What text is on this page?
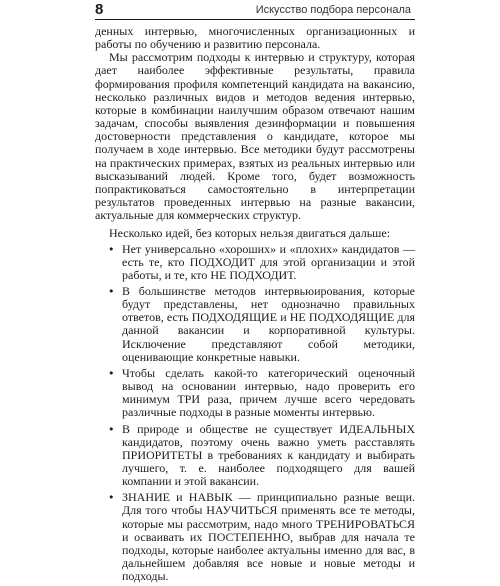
8	Искусство подбора персонала

денных интервью, многочисленных организационных и работы по обучению и развитию персонала.

Мы рассмотрим подходы к интервью и структуру, которая дает наиболее эффективные результаты, правила формирования профиля компетенций кандидата на вакансию, несколько различных видов и методов ведения интервью, которые в комбинации наилучшим образом отвечают нашим задачам, способы выявления дезинформации и повышения достоверности представления о кандидате, которое мы получаем в ходе интервью. Все методики будут рассмотрены на практических примерах, взятых из реальных интервью или высказываний людей. Кроме того, будет возможность попрактиковаться самостоятельно в интерпретации результатов проведенных интервью на разные вакансии, актуальные для коммерческих структур.

Несколько идей, без которых нельзя двигаться дальше:

• Нет универсально «хороших» и «плохих» кандидатов — есть те, кто ПОДХОДИТ для этой организации и этой работы, и те, кто НЕ ПОДХОДИТ.
• В большинстве методов интервьюирования, которые будут представлены, нет однозначно правильных ответов, есть ПОДХОДЯЩИЕ и НЕ ПОДХОДЯЩИЕ для данной вакансии и корпоративной культуры. Исключение представляют собой методики, оценивающие конкретные навыки.
• Чтобы сделать какой-то категорический оценочный вывод на основании интервью, надо проверить его минимум ТРИ раза, причем лучше всего чередовать различные подходы в разные моменты интервью.
• В природе и обществе не существует ИДЕАЛЬНЫХ кандидатов, поэтому очень важно уметь расставлять ПРИОРИТЕТЫ в требованиях к кандидату и выбирать лучшего, т. е. наиболее подходящего для вашей компании и этой вакансии.
• ЗНАНИЕ и НАВЫК — принципиально разные вещи. Для того чтобы НАУЧИТЬСЯ применять все те методы, которые мы рассмотрим, надо много ТРЕНИРОВАТЬСЯ и осваивать их ПОСТЕПЕННО, выбрав для начала те подходы, которые наиболее актуальны именно для вас, в дальнейшем добавляя все новые и новые методы и подходы.
